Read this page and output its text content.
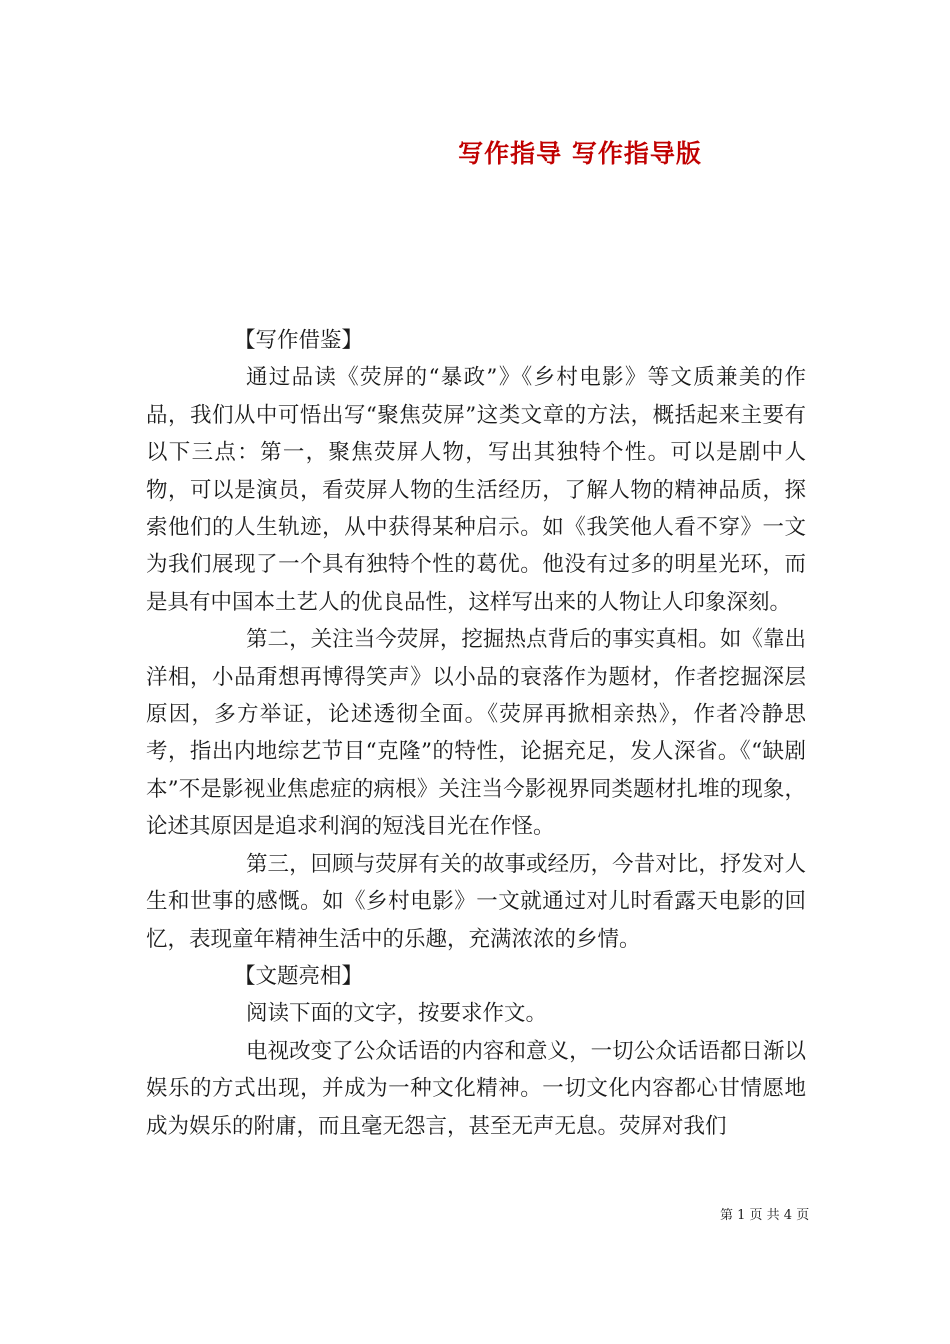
写作指导 写作指导版

【写作借鉴】

通过品读《荧屏的“暴政”》《乡村电影》等文质兼美的作品，我们从中可悟出写“聚焦荧屏”这类文章的方法，概括起来主要有以下三点：第一，聚焦荧屏人物，写出其独特个性。可以是剧中人物，可以是演员，看荧屏人物的生活经历，了解人物的精神品质，探索他们的人生轨迹，从中获得某种启示。如《我笑他人看不穿》一文为我们展现了一个具有独特个性的葛优。他没有过多的明星光环，而是具有中国本土艺人的优良品性，这样写出来的人物让人印象深刻。

第二，关注当今荧屏，挖掘热点背后的事实真相。如《靠出洋相，小品甭想再博得笑声》以小品的衰落作为题材，作者挖掘深层原因，多方举证，论述透彻全面。《荧屏再掀相亲热》，作者冷静思考，指出内地综艺节目“克隆”的特性，论据充足，发人深省。《“缺剧本”不是影视业焦虑症的病根》关注当今影视界同类题材扎堆的现象，论述其原因是追求利润的短浅目光在作怪。

第三，回顾与荧屏有关的故事或经历，今昔对比，抒发对人生和世事的感慨。如《乡村电影》一文就通过对儿时看露天电影的回忆，表现童年精神生活中的乐趣，充满浓浓的乡情。

【文题亮相】

阅读下面的文字，按要求作文。

电视改变了公众话语的内容和意义，一切公众话语都日渐以娱乐的方式出现，并成为一种文化精神。一切文化内容都心甘情愿地成为娱乐的附庸，而且毫无怨言，甚至无声无息。荧屏对我们

第 1 页 共 4 页
